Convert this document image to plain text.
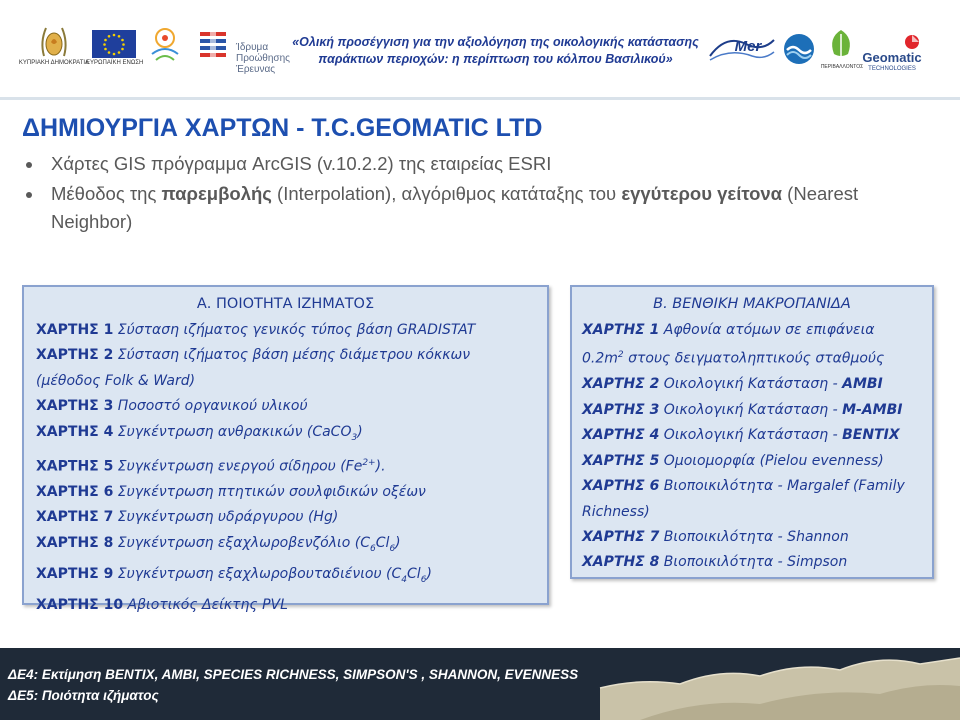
ΚΥΠΡΙΑΚΗ ΔΗΜΟΚΡΑΤΙΑ
ΕΥΡΩΠΑΪΚΗ ΕΝΩΣΗ
Ίδρυμα Προώθησης Έρευνας
«Ολική προσέγγιση για την αξιολόγηση της οικολογικής κατάστασης
παράκτιων περιοχών: η περίπτωση του κόλπου Βασιλικού»
Mer
ΠΕΡΙΒΑΛΛΟΝΤΟΣ
Geomatic
TECHNOLOGIES
ΔΗΜΙΟΥΡΓΙΑ ΧΑΡΤΩΝ - T.C.GEOMATIC LTD
Χάρτες GIS πρόγραμμα ArcGIS (v.10.2.2) της εταιρείας ESRI
Μέθοδος της παρεμβολής (Interpolation), αλγόριθμος κατάταξης του εγγύτερου γείτονα (Nearest Neighbor)
Α. ΠΟΙΟΤΗΤΑ ΙΖΗΜΑΤΟΣ
ΧΑΡΤΗΣ 1 Σύσταση ιζήματος γενικός τύπος βάση GRADISTAT
ΧΑΡΤΗΣ 2 Σύσταση ιζήματος βάση μέσης διάμετρου κόκκων
(μέθοδος Folk & Ward)
ΧΑΡΤΗΣ 3 Ποσοστό οργανικού υλικού
ΧΑΡΤΗΣ 4 Συγκέντρωση ανθρακικών (CaCO$_3$)
ΧΑΡΤΗΣ 5 Συγκέντρωση ενεργού σίδηρου $(Fe^{2+})$.
ΧΑΡΤΗΣ 6 Συγκέντρωση πτητικών σουλφιδικών οξέων
ΧΑΡΤΗΣ 7 Συγκέντρωση υδράργυρου (Hg)
ΧΑΡΤΗΣ 8 Συγκέντρωση εξαχλωροβενζόλιο $(C_6Cl_6)$
ΧΑΡΤΗΣ 9 Συγκέντρωση εξαχλωροβουταδιένιου $(C_4Cl_6)$
ΧΑΡΤΗΣ 10 Αβιοτικός Δείκτης PVL
Β. ΒΕΝΘΙΚΗ ΜΑΚΡΟΠΑΝΙΔΑ
ΧΑΡΤΗΣ 1 Αφθονία ατόμων σε επιφάνεια
$0.2m^2$ στους δειγματοληπτικούς σταθμούς
ΧΑΡΤΗΣ 2 Οικολογική Κατάσταση - AMBI
ΧΑΡΤΗΣ 3 Οικολογική Κατάσταση - M-AMBI
ΧΑΡΤΗΣ 4 Οικολογική Κατάσταση - BENTIX
ΧΑΡΤΗΣ 5 Ομοιομορφία (Pielou evenness)
ΧΑΡΤΗΣ 6 Βιοποικιλότητα - Margalef (Family Richness)
ΧΑΡΤΗΣ 7 Βιοποικιλότητα - Shannon
ΧΑΡΤΗΣ 8 Βιοποικιλότητα - Simpson
ΔΕ4: Εκτίμηση BENTIX, AMBI, SPECIES RICHNESS, SIMPSON'S , SHANNON, EVENNESS
ΔΕ5: Ποιότητα ιζήματος
